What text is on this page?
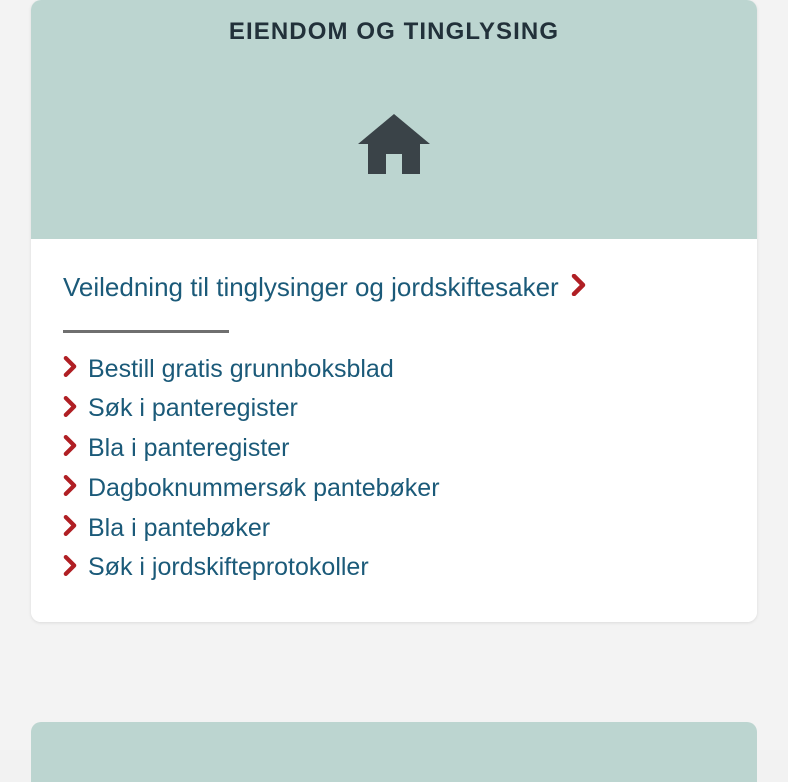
EIENDOM OG TINGLYSING
Veiledning til tinglysinger og jordskiftesaker
Bestill gratis grunnboksblad
Søk i panteregister
Bla i panteregister
Dagboknummersøk pantebøker
Bla i pantebøker
Søk i jordskifteprotokoller
